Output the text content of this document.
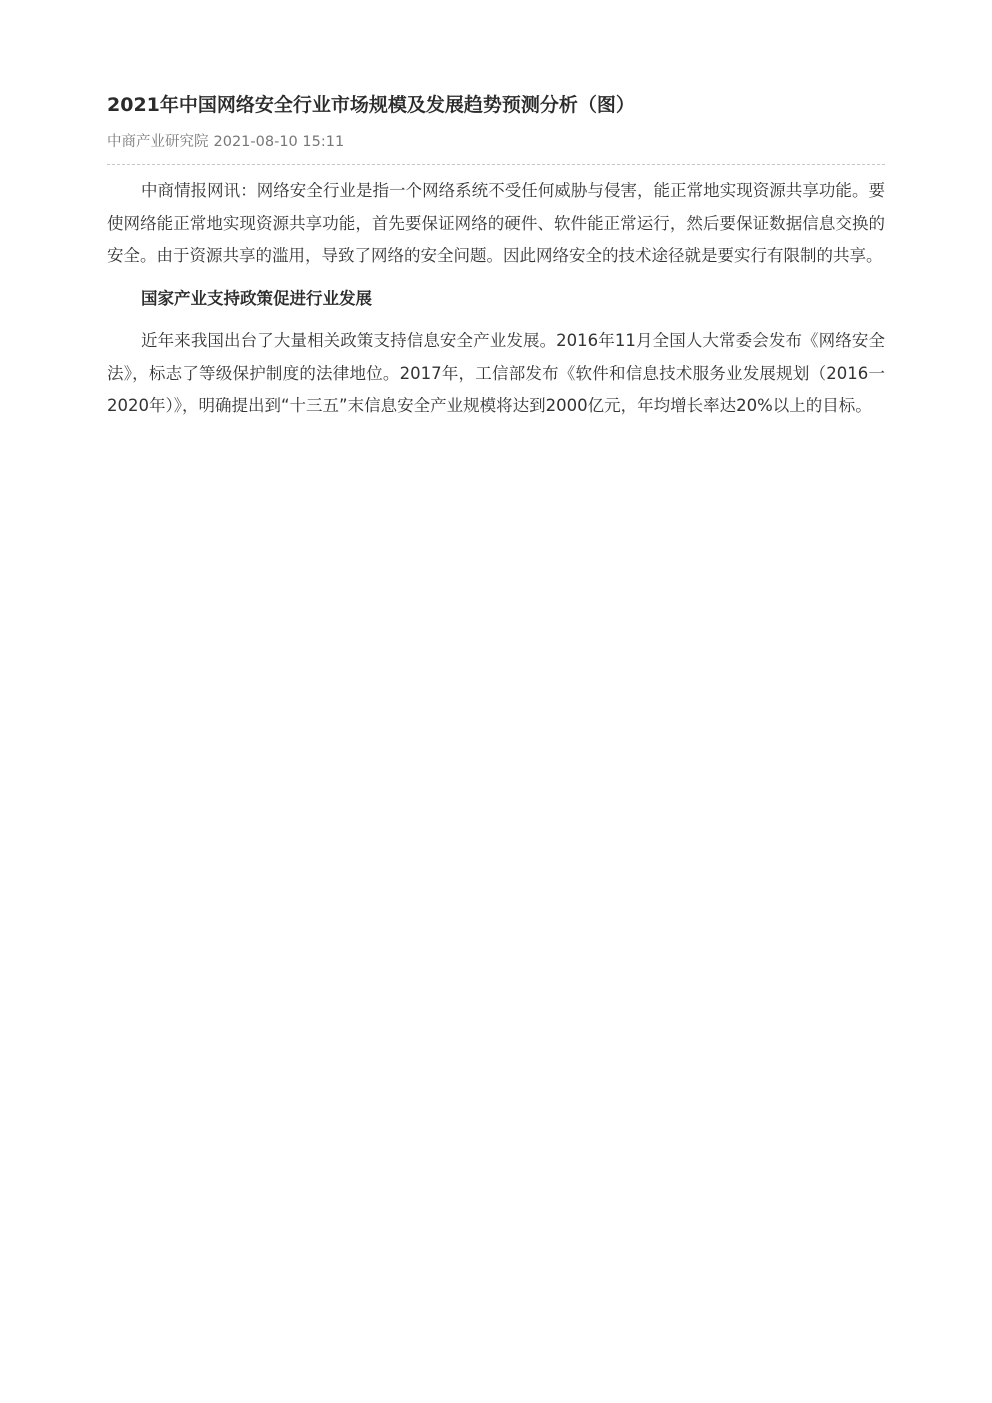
2021年中国网络安全行业市场规模及发展趋势预测分析（图）
中商产业研究院 2021-08-10 15:11

中商情报网讯：网络安全行业是指一个网络系统不受任何威胁与侵害，能正常地实现资源共享功能。要使网络能正常地实现资源共享功能，首先要保证网络的硬件、软件能正常运行，然后要保证数据信息交换的安全。由于资源共享的滥用，导致了网络的安全问题。因此网络安全的技术途径就是要实行有限制的共享。

国家产业支持政策促进行业发展

近年来我国出台了大量相关政策支持信息安全产业发展。2016年11月全国人大常委会发布《网络安全法》，标志了等级保护制度的法律地位。2017年，工信部发布《软件和信息技术服务业发展规划（2016一2020年）》，明确提出到“十三五”末信息安全产业规模将达到2000亿元，年均增长率达20%以上的目标。
